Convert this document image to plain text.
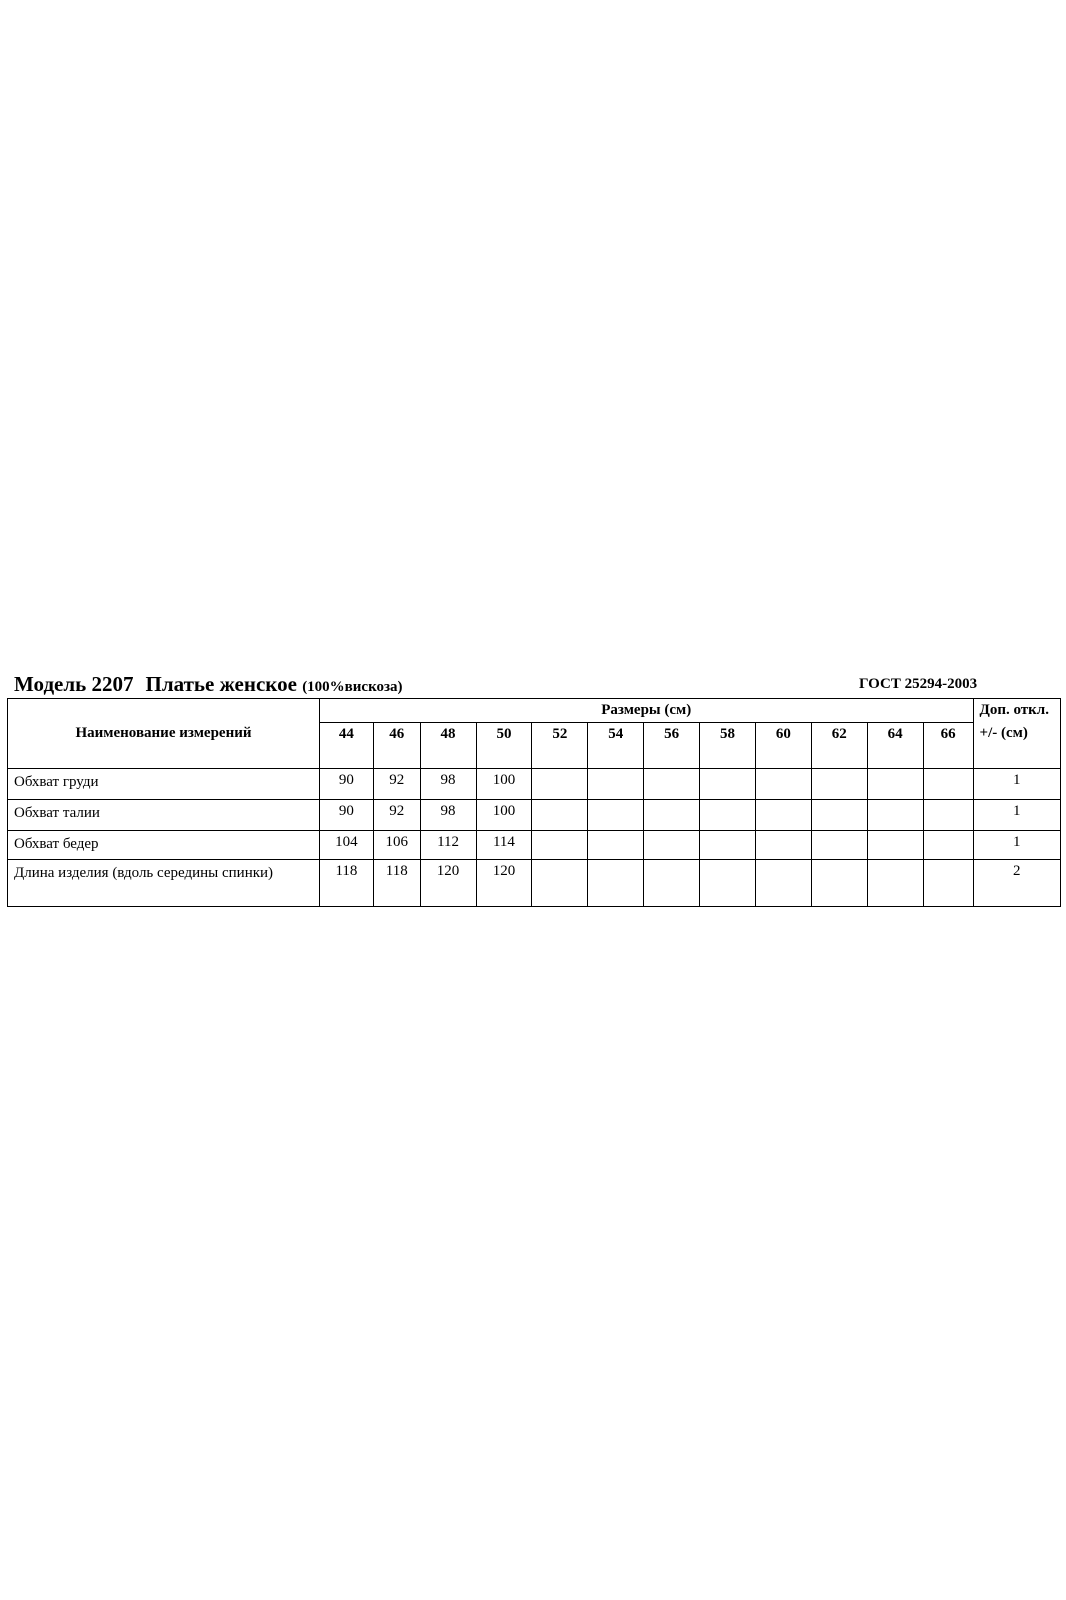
Модель 2207 Платье женское (100%вискоза)	ГОСТ 25294-2003
Наименование измерений	Размеры (см)												Доп. откл. +/- (см)
	44	46	48	50	52	54	56	58	60	62	64	66	
Обхват груди	90	92	98	100									1
Обхват талии	90	92	98	100									1
Обхват бедер	104	106	112	114									1
Длина изделия (вдоль середины спинки)	118	118	120	120									2
